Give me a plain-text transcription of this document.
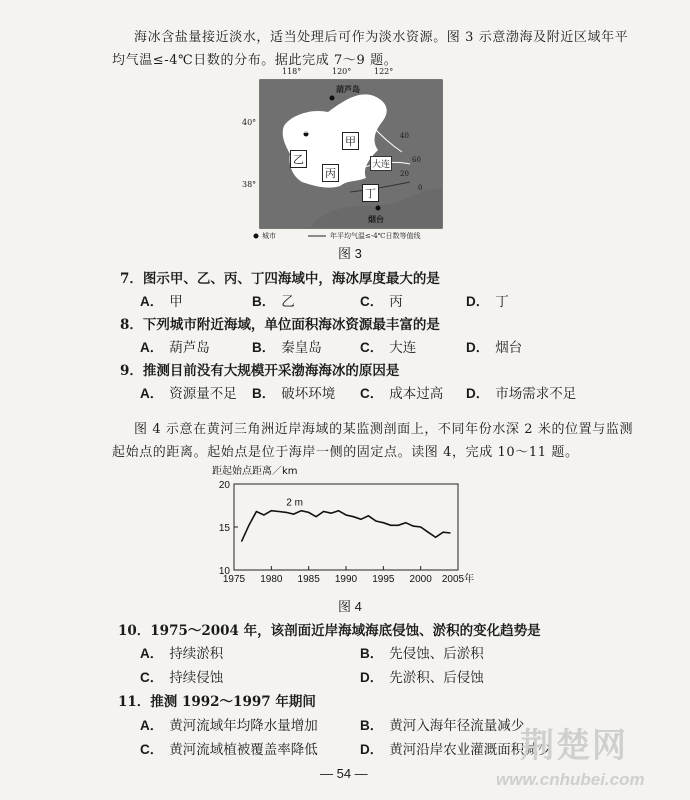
海冰含盐量接近淡水，适当处理后可作为淡水资源。图 3 示意渤海及附近区域年平
均气温≤-4℃日数的分布。据此完成 7～9 题。
118°	120°	122°
40°
38°
葫芦岛
秦皇岛
大连
烟台
甲
乙
丙
丁
40
60
20
0
城市	年平均气温≤-4℃日数等值线
图 3
7．图示甲、乙、丙、丁四海域中，海冰厚度最大的是
A． 甲	B． 乙	C． 丙	D． 丁
8．下列城市附近海域，单位面积海冰资源最丰富的是
A． 葫芦岛	B． 秦皇岛	C． 大连	D． 烟台
9．推测目前没有大规模开采渤海海冰的原因是
A． 资源量不足 B． 破坏环境 C． 成本过高 D． 市场需求不足
图 4 示意在黄河三角洲近岸海域的某监测剖面上，不同年份水深 2 米的位置与监测
起始点的距离。起始点是位于海岸一侧的固定点。读图 4，完成 10～11 题。
距起始点距离／km
10
15
20
1975 1980 1985 1990 1995 2000 2005年
2 m
图 4
10．1975～2004 年，该剖面近岸海域海底侵蚀、淤积的变化趋势是
A． 持续淤积	B． 先侵蚀、后淤积
C． 持续侵蚀	D． 先淤积、后侵蚀
11．推测 1992～1997 年期间
A． 黄河流域年均降水量增加	B． 黄河入海年径流量减少
C． 黄河流域植被覆盖率降低	D． 黄河沿岸农业灌溉面积减少
— 54 —
荆楚网
www.cnhubei.com
